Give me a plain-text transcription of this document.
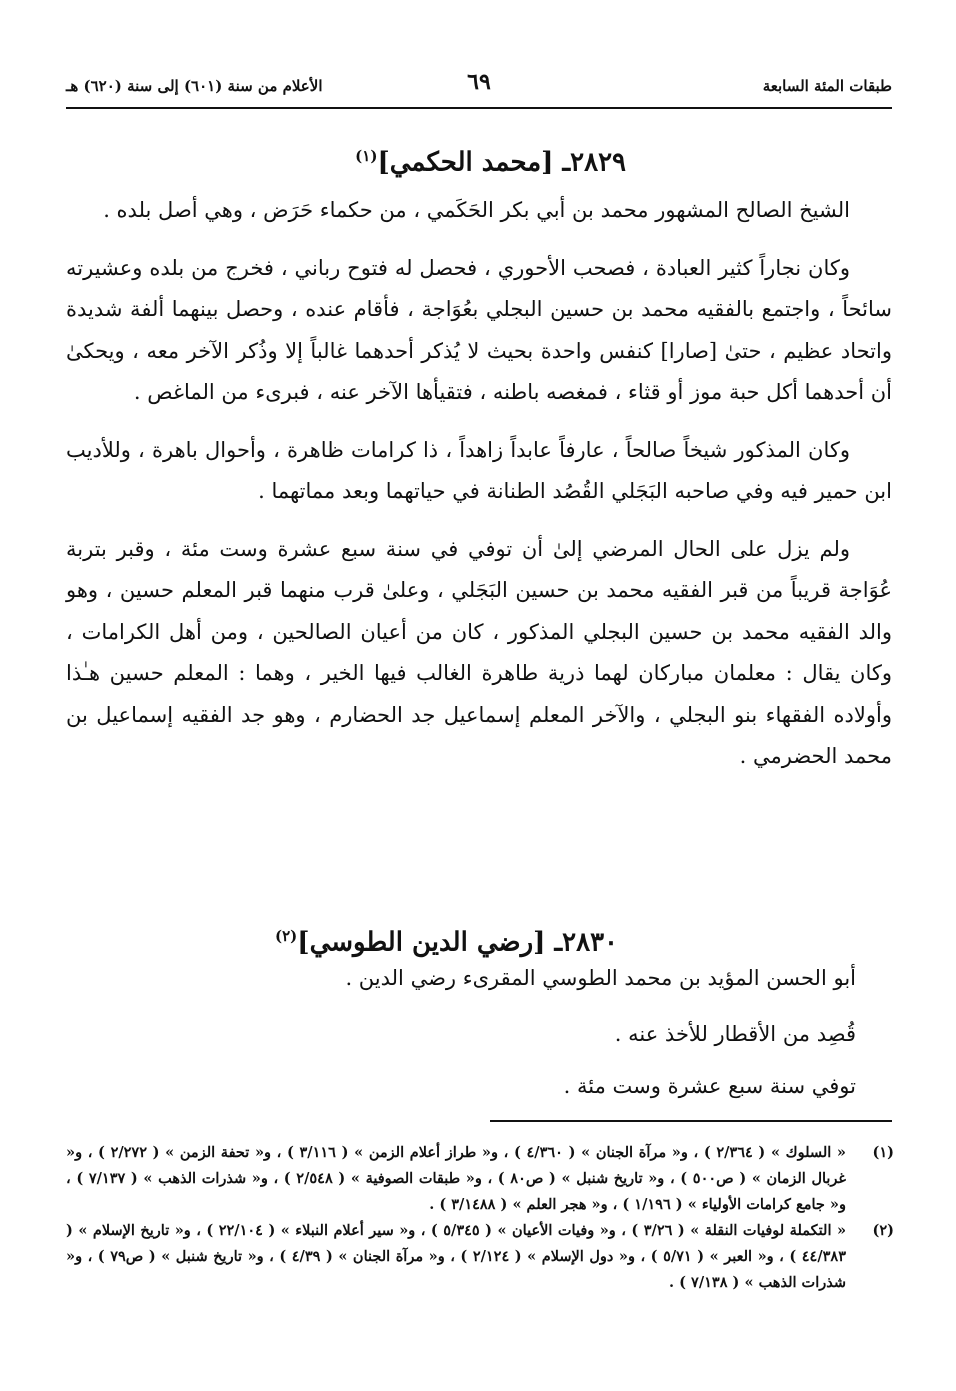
طبقات المئة السابعة
٦٩
الأعلام من سنة (٦٠١) إلى سنة (٦٢٠) هـ
٢٨٢٩ـ [محمد الحكمي]$^{(١)}$

الشيخ الصالح المشهور محمد بن أبي بكر الحَكَمي ، من حكماء حَرَض ، وهي أصل بلده .

وكان نجاراً كثير العبادة ، فصحب الأحوري ، فحصل له فتوح رباني ، فخرج من بلده وعشيرته سائحاً ، واجتمع بالفقيه محمد بن حسين البجلي بعُوَاجة ، فأقام عنده ، وحصل بينهما ألفة شديدة واتحاد عظيم ، حتىٰ [صارا] كنفس واحدة بحيث لا يُذكر أحدهما غالباً إلا وذُكر الآخر معه ، ويحكىٰ أن أحدهما أكل حبة موز أو قثاء ، فمغصه باطنه ، فتقيأها الآخر عنه ، فبرىء من الماغص .

وكان المذكور شيخاً صالحاً ، عارفاً عابداً زاهداً ، ذا كرامات ظاهرة ، وأحوال باهرة ، وللأديب ابن حمير فيه وفي صاحبه البَجَلي القُصُد الطنانة في حياتهما وبعد مماتهما .

ولم يزل على الحال المرضي إلىٰ أن توفي في سنة سبع عشرة وست مئة ، وقبر بتربة عُوَاجة قريباً من قبر الفقيه محمد بن حسين البَجَلي ، وعلىٰ قرب منهما قبر المعلم حسين ، وهو والد الفقيه محمد بن حسين البجلي المذكور ، كان من أعيان الصالحين ، ومن أهل الكرامات ، وكان يقال : معلمان مباركان لهما ذرية طاهرة الغالب فيها الخير ، وهما : المعلم حسين هـٰذا وأولاده الفقهاء بنو البجلي ، والآخر المعلم إسماعيل جد الحضارم ، وهو جد الفقيه إسماعيل بن محمد الحضرمي .

٢٨٣٠ـ [رضي الدين الطوسي]$^{(٢)}$
أبو الحسن المؤيد بن محمد الطوسي المقرىء رضي الدين .
قُصِد من الأقطار للأخذ عنه .
توفي سنة سبع عشرة وست مئة .
(١)
« السلوك » ( ٢/٣٦٤ ) ، و« مرآة الجنان » ( ٤/٣٦٠ ) ، و« طراز أعلام الزمن » ( ٣/١١٦ ) ، و« تحفة الزمن » ( ٢/٢٧٢ ) ، و« غربال الزمان » ( ص٥٠٠ ) ، و« تاريخ شنبل » ( ص٨٠ ) ، و« طبقات الصوفية » ( ٢/٥٤٨ ) ، و« شذرات الذهب » ( ٧/١٣٧ ) ، و« جامع كرامات الأولياء » ( ١/١٩٦ ) ، و« هجر العلم » ( ٣/١٤٨٨ ) .
(٢)
« التكملة لوفيات النقلة » ( ٣/٢٦ ) ، و« وفيات الأعيان » ( ٥/٣٤٥ ) ، و« سير أعلام النبلاء » ( ٢٢/١٠٤ ) ، و« تاريخ الإسلام » ( ٤٤/٣٨٣ ) ، و« العبر » ( ٥/٧١ ) ، و« دول الإسلام » ( ٢/١٢٤ ) ، و« مرآة الجنان » ( ٤/٣٩ ) ، و« تاريخ شنبل » ( ص٧٩ ) ، و« شذرات الذهب » ( ٧/١٣٨ ) .
